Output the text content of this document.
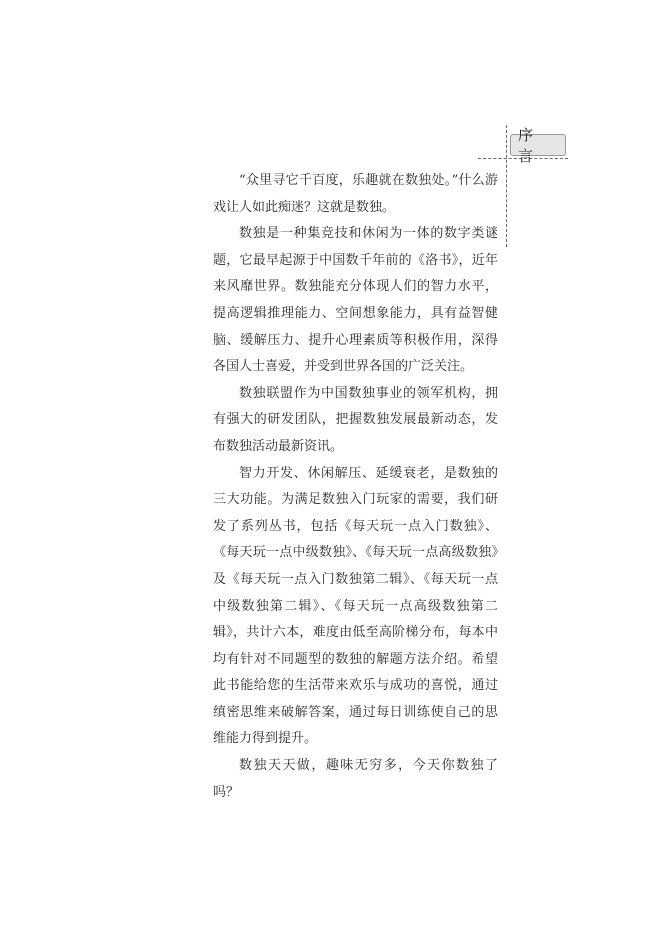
序 言

“众里寻它千百度，乐趣就在数独处。”什么游戏让人如此痴迷？这就是数独。

数独是一种集竞技和休闲为一体的数字类谜题，它最早起源于中国数千年前的《洛书》，近年来风靡世界。数独能充分体现人们的智力水平，提高逻辑推理能力、空间想象能力，具有益智健脑、缓解压力、提升心理素质等积极作用，深得各国人士喜爱，并受到世界各国的广泛关注。

数独联盟作为中国数独事业的领军机构，拥有强大的研发团队，把握数独发展最新动态，发布数独活动最新资讯。

智力开发、休闲解压、延缓衰老，是数独的三大功能。为满足数独入门玩家的需要，我们研发了系列丛书，包括《每天玩一点入门数独》、《每天玩一点中级数独》、《每天玩一点高级数独》及《每天玩一点入门数独第二辑》、《每天玩一点中级数独第二辑》、《每天玩一点高级数独第二辑》，共计六本，难度由低至高阶梯分布，每本中均有针对不同题型的数独的解题方法介绍。希望此书能给您的生活带来欢乐与成功的喜悦，通过缜密思维来破解答案，通过每日训练使自己的思维能力得到提升。

数独天天做，趣味无穷多，今天你数独了吗？
